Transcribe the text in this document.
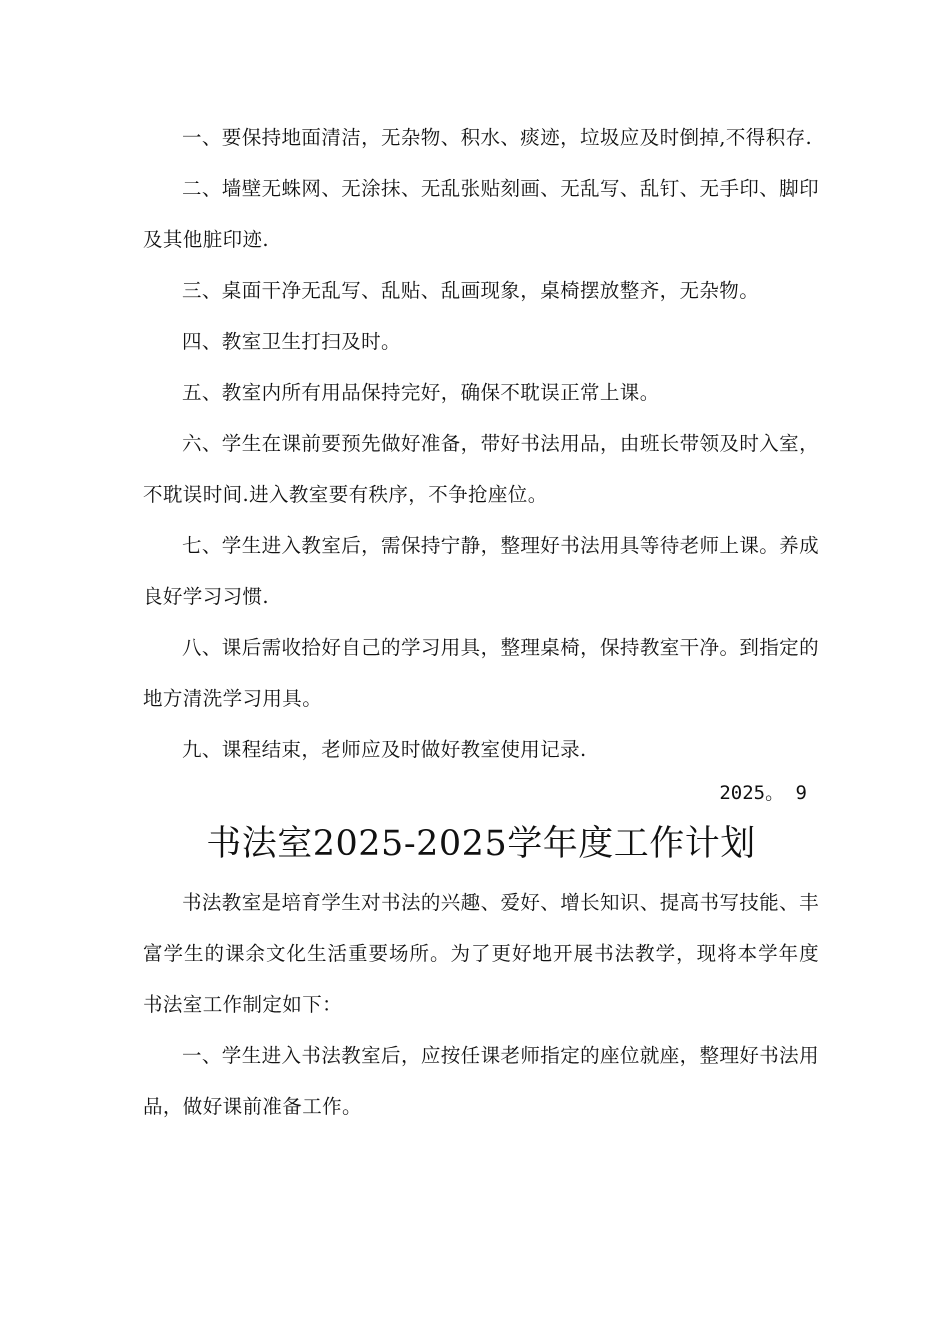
一、要保持地面清洁，无杂物、积水、痰迹，垃圾应及时倒掉,不得积存.

二、墙壁无蛛网、无涂抹、无乱张贴刻画、无乱写、乱钉、无手印、脚印及其他脏印迹.

三、桌面干净无乱写、乱贴、乱画现象，桌椅摆放整齐，无杂物。

四、教室卫生打扫及时。

五、教室内所有用品保持完好，确保不耽误正常上课。

六、学生在课前要预先做好准备，带好书法用品，由班长带领及时入室，不耽误时间.进入教室要有秩序，不争抢座位。

七、学生进入教室后，需保持宁静，整理好书法用具等待老师上课。养成良好学习习惯.

八、课后需收拾好自己的学习用具，整理桌椅，保持教室干净。到指定的地方清洗学习用具。

九、课程结束，老师应及时做好教室使用记录.

2025。 9

书法室2025-2025学年度工作计划

书法教室是培育学生对书法的兴趣、爱好、增长知识、提高书写技能、丰富学生的课余文化生活重要场所。为了更好地开展书法教学，现将本学年度书法室工作制定如下：

一、学生进入书法教室后，应按任课老师指定的座位就座，整理好书法用品，做好课前准备工作。
